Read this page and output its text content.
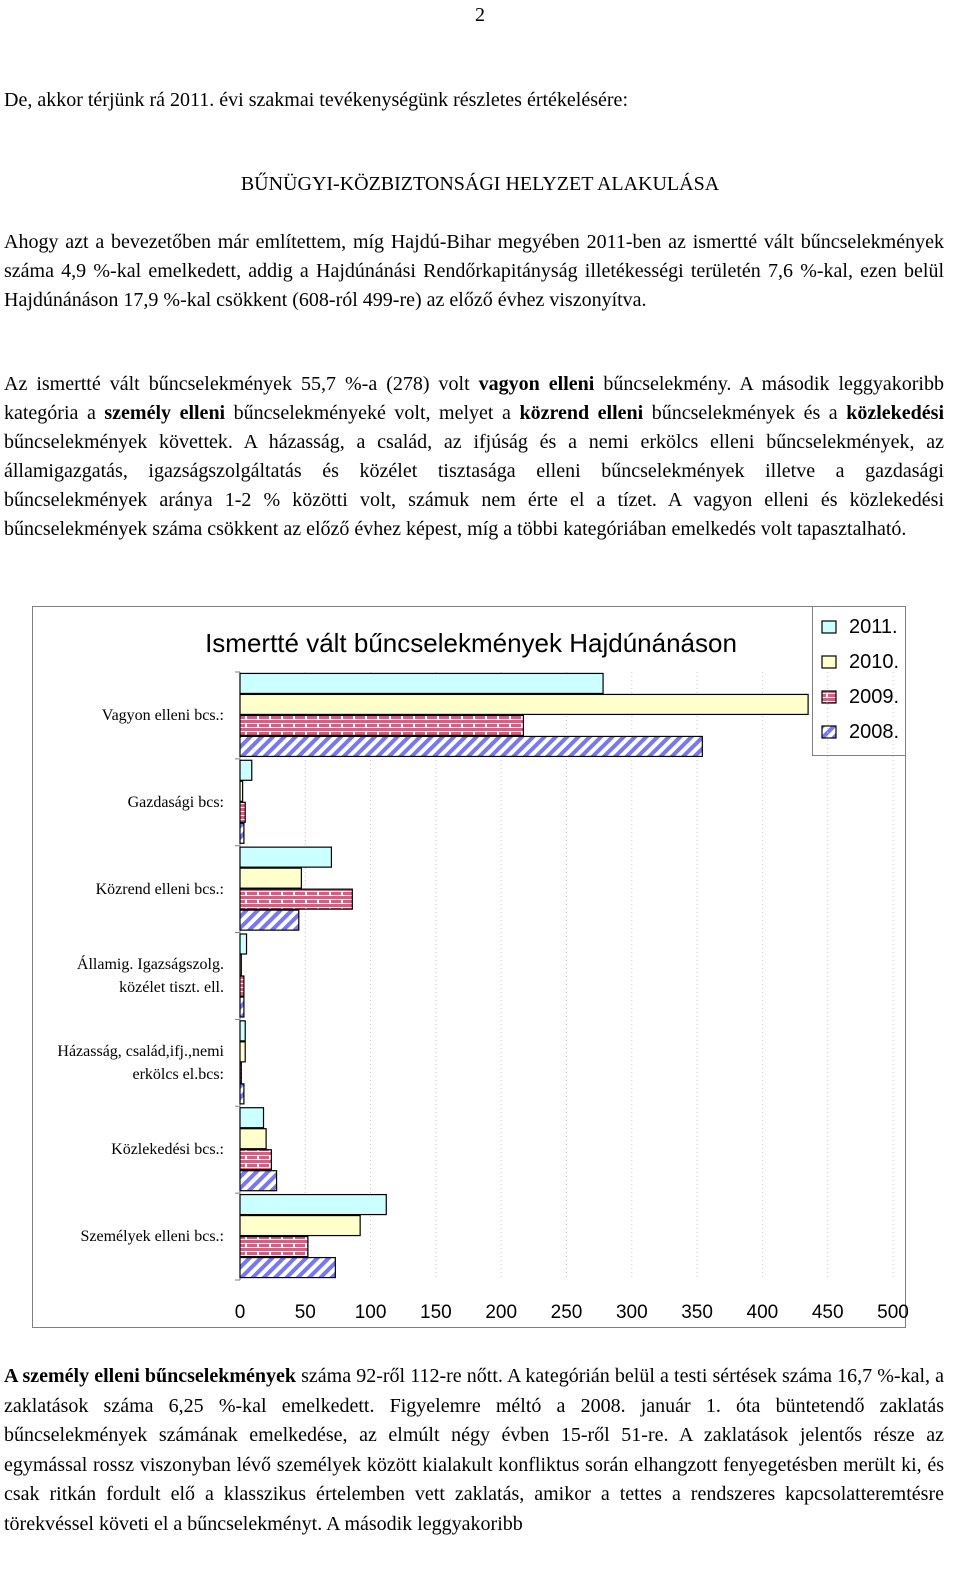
2
De, akkor térjünk rá 2011. évi szakmai tevékenységünk részletes értékelésére:
BŰNÜGYI-KÖZBIZTONSÁGI HELYZET ALAKULÁSA
Ahogy azt a bevezetőben már említettem, míg Hajdú-Bihar megyében 2011-ben az ismertté vált bűncselekmények száma 4,9 %-kal emelkedett, addig a Hajdúnánási Rendőrkapitányság illetékességi területén 7,6 %-kal, ezen belül Hajdúnánáson 17,9 %-kal csökkent (608-ról 499-re) az előző évhez viszonyítva.
Az ismertté vált bűncselekmények 55,7 %-a (278) volt vagyon elleni bűncselekmény. A második leggyakoribb kategória a személy elleni bűncselekményeké volt, melyet a közrend elleni bűncselekmények és a közlekedési bűncselekmények követtek. A házasság, a család, az ifjúság és a nemi erkölcs elleni bűncselekmények, az államigazgatás, igazságszolgáltatás és közélet tisztasága elleni bűncselekmények illetve a gazdasági bűncselekmények aránya 1-2 % közötti volt, számuk nem érte el a tízet. A vagyon elleni és közlekedési bűncselekmények száma csökkent az előző évhez képest, míg a többi kategóriában emelkedés volt tapasztalható.
Ismertté vált bűncselekmények Hajdúnánáson
2011.
2010.
2009.
2008.
Vagyon elleni bcs.:
Gazdasági bcs:
Közrend elleni bcs.:
Államig. Igazságszolg.
közélet tiszt. ell.
Házasság, család,ifj.,nemi
erkölcs el.bcs:
Közlekedési bcs.:
Személyek elleni bcs.:
0	50 100 150 200 250 300 350 400 450 500
A személy elleni bűncselekmények száma 92-ről 112-re nőtt. A kategórián belül a testi sértések száma 16,7 %-kal, a zaklatások száma 6,25 %-kal emelkedett. Figyelemre méltó a 2008. január 1. óta büntetendő zaklatás bűncselekmények számának emelkedése, az elmúlt négy évben 15-ről 51-re. A zaklatások jelentős része az egymással rossz viszonyban lévő személyek között kialakult konfliktus során elhangzott fenyegetésben merült ki, és csak ritkán fordult elő a klasszikus értelemben vett zaklatás, amikor a tettes a rendszeres kapcsolatteremtésre törekvéssel követi el a bűncselekményt. A második leggyakoribb
